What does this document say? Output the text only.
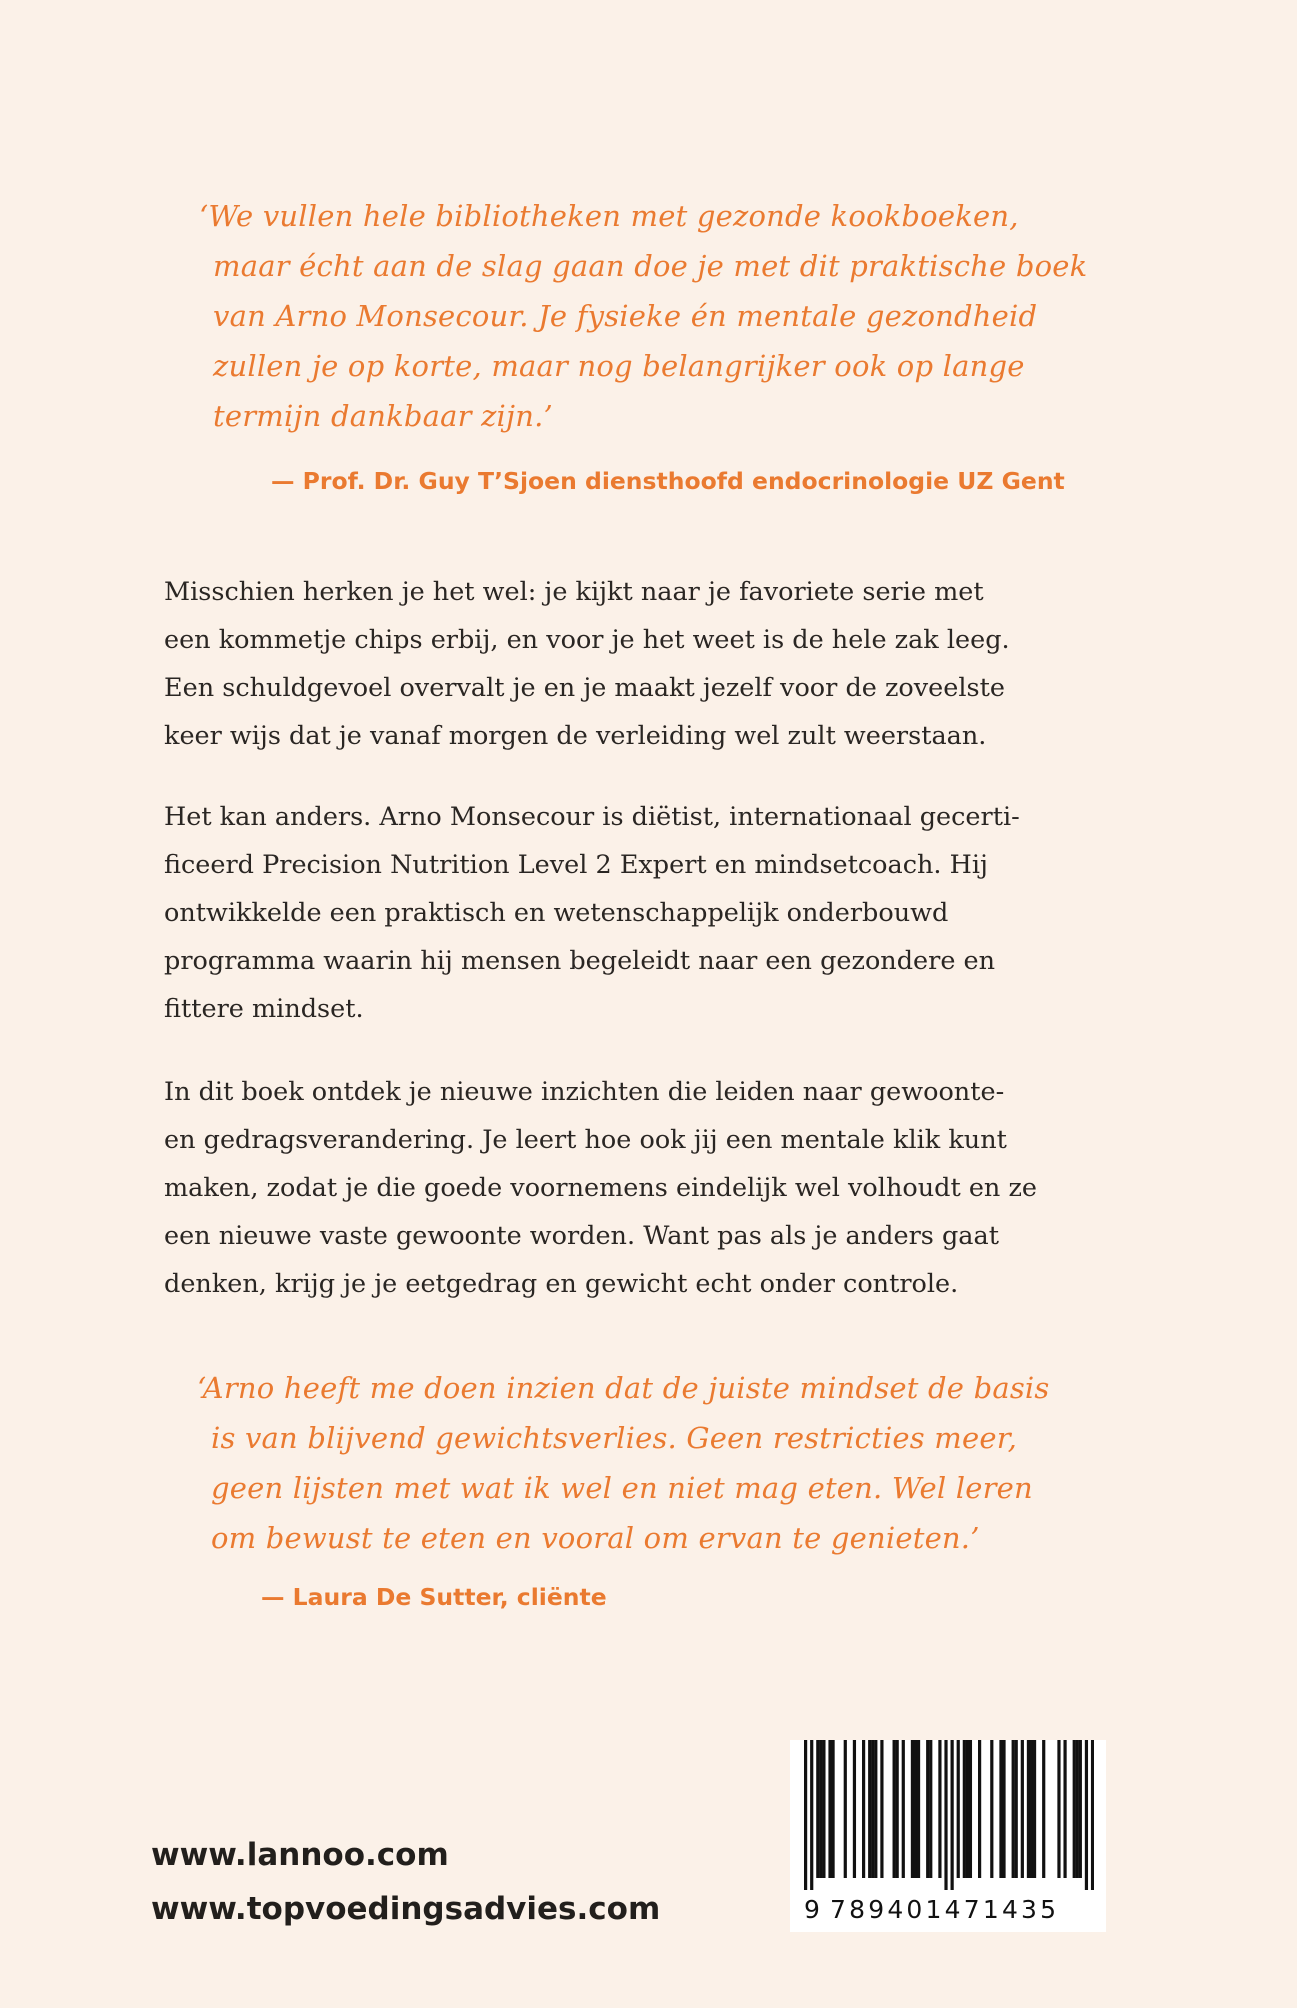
‘We vullen hele bibliotheken met gezonde kookboeken,
maar écht aan de slag gaan doe je met dit praktische boek
van Arno Monsecour. Je fysieke én mentale gezondheid
zullen je op korte, maar nog belangrijker ook op lange
termijn dankbaar zijn.’
— Prof. Dr. Guy T’Sjoen diensthoofd endocrinologie UZ Gent
Misschien herken je het wel: je kijkt naar je favoriete serie met
een kommetje chips erbij, en voor je het weet is de hele zak leeg.
Een schuldgevoel overvalt je en je maakt jezelf voor de zoveelste
keer wijs dat je vanaf morgen de verleiding wel zult weerstaan.
Het kan anders. Arno Monsecour is diëtist, internationaal gecerti-
ficeerd Precision Nutrition Level 2 Expert en mindsetcoach. Hij
ontwikkelde een praktisch en wetenschappelijk onderbouwd
programma waarin hij mensen begeleidt naar een gezondere en
fittere mindset.
In dit boek ontdek je nieuwe inzichten die leiden naar gewoonte-
en gedragsverandering. Je leert hoe ook jij een mentale klik kunt
maken, zodat je die goede voornemens eindelijk wel volhoudt en ze
een nieuwe vaste gewoonte worden. Want pas als je anders gaat
denken, krijg je je eetgedrag en gewicht echt onder controle.
‘Arno heeft me doen inzien dat de juiste mindset de basis
is van blijvend gewichtsverlies. Geen restricties meer,
geen lijsten met wat ik wel en niet mag eten. Wel leren
om bewust te eten en vooral om ervan te genieten.’
— Laura De Sutter, cliënte
www.lannoo.com
www.topvoedingsadvies.com	9 789401471435
